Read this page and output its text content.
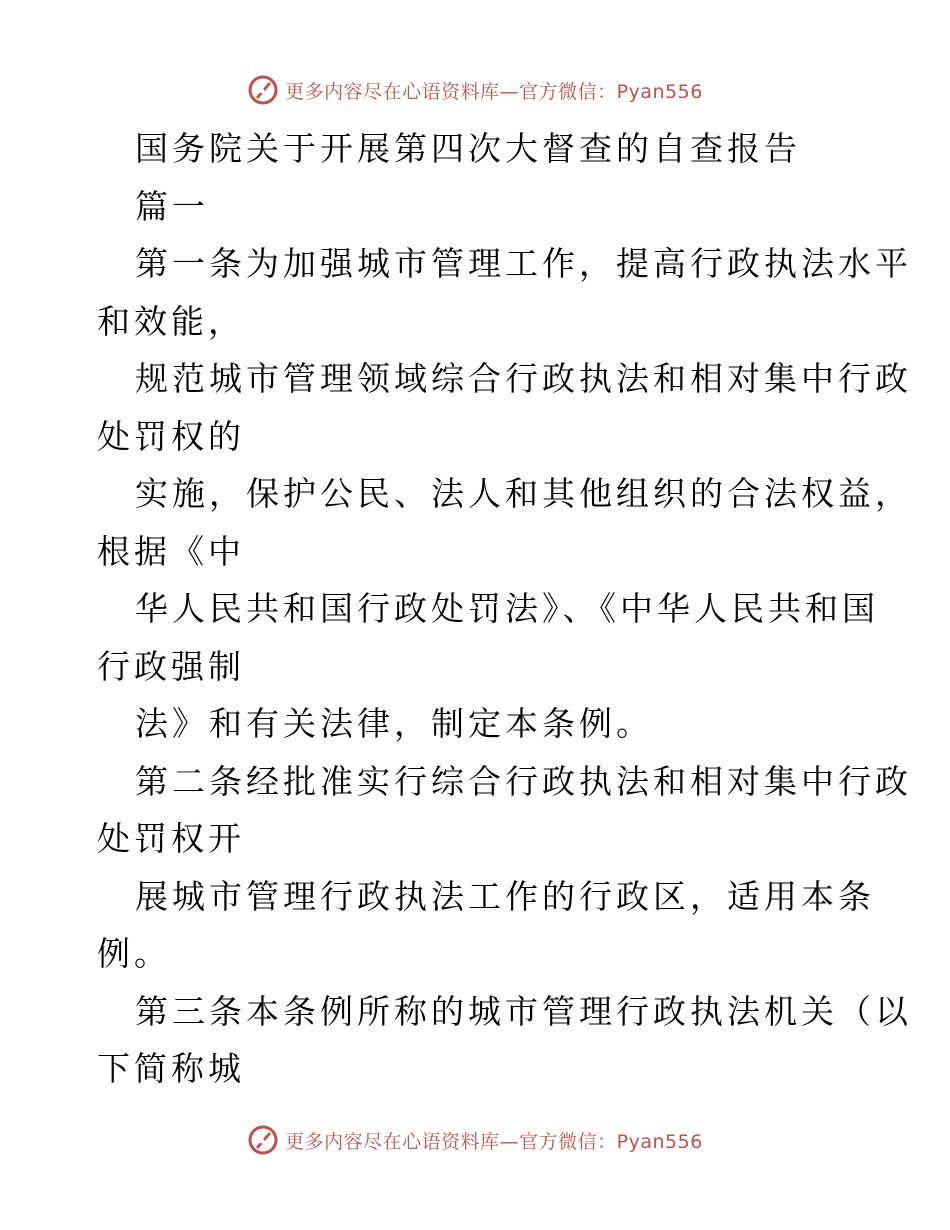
更多内容尽在心语资料库—官方微信：Pyan556
国务院关于开展第四次大督查的自查报告
篇一
第一条为加强城市管理工作，提高行政执法水平
和效能，
规范城市管理领域综合行政执法和相对集中行政
处罚权的
实施，保护公民、法人和其他组织的合法权益，
根据《中
华人民共和国行政处罚法》、《中华人民共和国
行政强制
法》和有关法律，制定本条例。
第二条经批准实行综合行政执法和相对集中行政
处罚权开
展城市管理行政执法工作的行政区，适用本条
例。
第三条本条例所称的城市管理行政执法机关（以
下简称城
更多内容尽在心语资料库—官方微信：Pyan556
